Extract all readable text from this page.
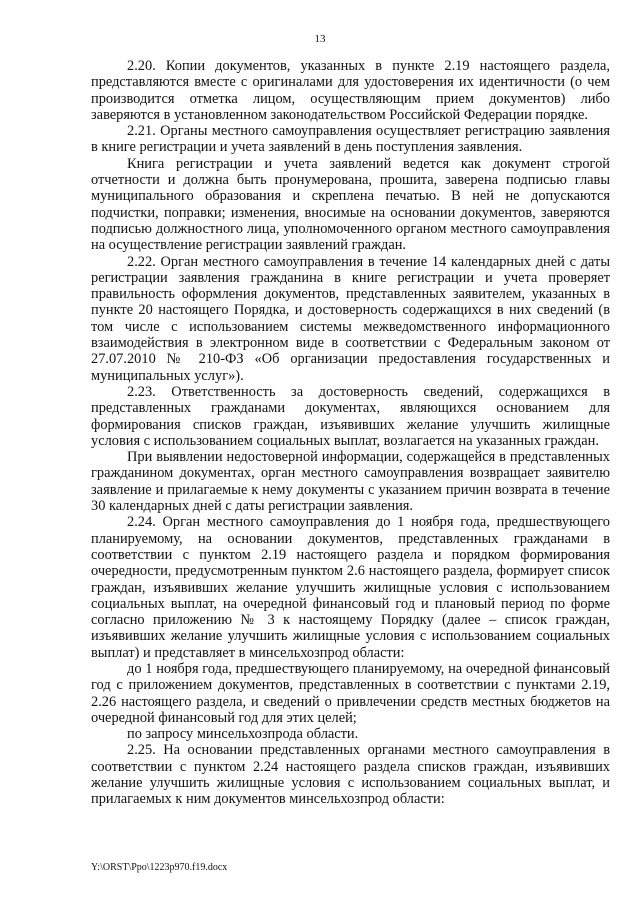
13

2.20. Копии документов, указанных в пункте 2.19 настоящего раздела, представляются вместе с оригиналами для удостоверения их идентичности (о чем производится отметка лицом, осуществляющим прием документов) либо заверяются в установленном законодательством Российской Федерации порядке.

2.21. Органы местного самоуправления осуществляет регистрацию заявления в книге регистрации и учета заявлений в день поступления заявления.

Книга регистрации и учета заявлений ведется как документ строгой отчетности и должна быть пронумерована, прошита, заверена подписью главы муниципального образования и скреплена печатью. В ней не допускаются подчистки, поправки; изменения, вносимые на основании документов, заверяются подписью должностного лица, уполномоченного органом местного самоуправления на осуществление регистрации заявлений граждан.

2.22. Орган местного самоуправления в течение 14 календарных дней с даты регистрации заявления гражданина в книге регистрации и учета проверяет правильность оформления документов, представленных заявителем, указанных в пункте 20 настоящего Порядка, и достоверность содержащихся в них сведений (в том числе с использованием системы межведомственного информационного взаимодействия в электронном виде в соответствии с Федеральным законом от 27.07.2010 № 210-ФЗ «Об организации предоставления государственных и муниципальных услуг»).

2.23. Ответственность за достоверность сведений, содержащихся в представленных гражданами документах, являющихся основанием для формирования списков граждан, изъявивших желание улучшить жилищные условия с использованием социальных выплат, возлагается на указанных граждан.

При выявлении недостоверной информации, содержащейся в представленных гражданином документах, орган местного самоуправления возвращает заявителю заявление и прилагаемые к нему документы с указанием причин возврата в течение 30 календарных дней с даты регистрации заявления.

2.24. Орган местного самоуправления до 1 ноября года, предшествующего планируемому, на основании документов, представленных гражданами в соответствии с пунктом 2.19 настоящего раздела и порядком формирования очередности, предусмотренным пунктом 2.6 настоящего раздела, формирует список граждан, изъявивших желание улучшить жилищные условия с использованием социальных выплат, на очередной финансовый год и плановый период по форме согласно приложению № 3 к настоящему Порядку (далее – список граждан, изъявивших желание улучшить жилищные условия с использованием социальных выплат) и представляет в минсельхозпрод области:

до 1 ноября года, предшествующего планируемому, на очередной финансовый год с приложением документов, представленных в соответствии с пунктами 2.19, 2.26 настоящего раздела, и сведений о привлечении средств местных бюджетов на очередной финансовый год для этих целей;

по запросу минсельхозпрода области.

2.25. На основании представленных органами местного самоуправления в соответствии с пунктом 2.24 настоящего раздела списков граждан, изъявивших желание улучшить жилищные условия с использованием социальных выплат, и прилагаемых к ним документов минсельхозпрод области:

Y:\ORST\Ppo\1223p970.f19.docx
